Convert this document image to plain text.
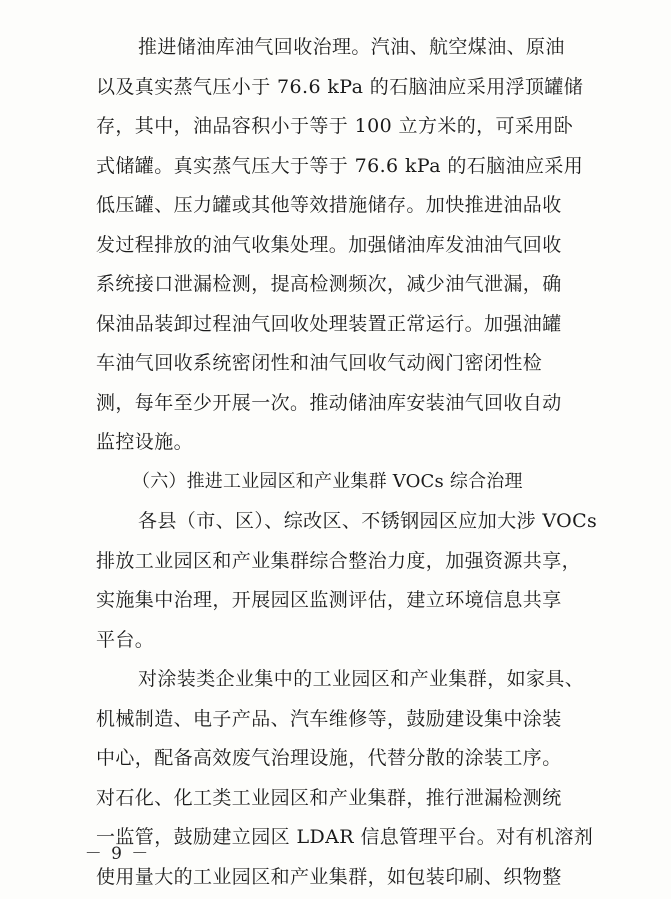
推进储油库油气回收治理。汽油、航空煤油、原油
以及真实蒸气压小于 76.6 kPa 的石脑油应采用浮顶罐储
存，其中，油品容积小于等于 100 立方米的，可采用卧
式储罐。真实蒸气压大于等于 76.6 kPa 的石脑油应采用
低压罐、压力罐或其他等效措施储存。加快推进油品收
发过程排放的油气收集处理。加强储油库发油油气回收
系统接口泄漏检测，提高检测频次，减少油气泄漏，确
保油品装卸过程油气回收处理装置正常运行。加强油罐
车油气回收系统密闭性和油气回收气动阀门密闭性检
测，每年至少开展一次。推动储油库安装油气回收自动
监控设施。
（六）推进工业园区和产业集群 VOCs 综合治理
各县（市、区）、综改区、不锈钢园区应加大涉 VOCs
排放工业园区和产业集群综合整治力度，加强资源共享，
实施集中治理，开展园区监测评估，建立环境信息共享
平台。
对涂装类企业集中的工业园区和产业集群，如家具、
机械制造、电子产品、汽车维修等，鼓励建设集中涂装
中心，配备高效废气治理设施，代替分散的涂装工序。
对石化、化工类工业园区和产业集群，推行泄漏检测统
一监管，鼓励建立园区 LDAR 信息管理平台。对有机溶剂
使用量大的工业园区和产业集群，如包装印刷、织物整
－ 9 －
